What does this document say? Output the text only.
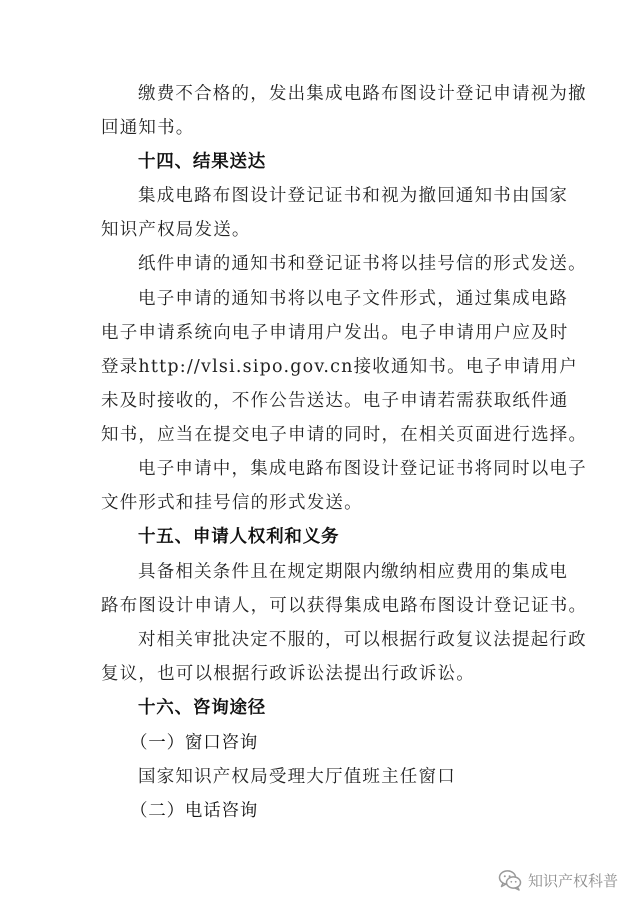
缴费不合格的，发出集成电路布图设计登记申请视为撤
回通知书。
十四、结果送达
集成电路布图设计登记证书和视为撤回通知书由国家
知识产权局发送。
纸件申请的通知书和登记证书将以挂号信的形式发送。
电子申请的通知书将以电子文件形式，通过集成电路
电子申请系统向电子申请用户发出。电子申请用户应及时
登录http://vlsi.sipo.gov.cn接收通知书。电子申请用户
未及时接收的，不作公告送达。电子申请若需获取纸件通
知书，应当在提交电子申请的同时，在相关页面进行选择。
电子申请中，集成电路布图设计登记证书将同时以电子
文件形式和挂号信的形式发送。
十五、申请人权利和义务
具备相关条件且在规定期限内缴纳相应费用的集成电
路布图设计申请人，可以获得集成电路布图设计登记证书。
对相关审批决定不服的，可以根据行政复议法提起行政
复议，也可以根据行政诉讼法提出行政诉讼。
十六、咨询途径
（一）窗口咨询
国家知识产权局受理大厅值班主任窗口
（二）电话咨询
知识产权科普
